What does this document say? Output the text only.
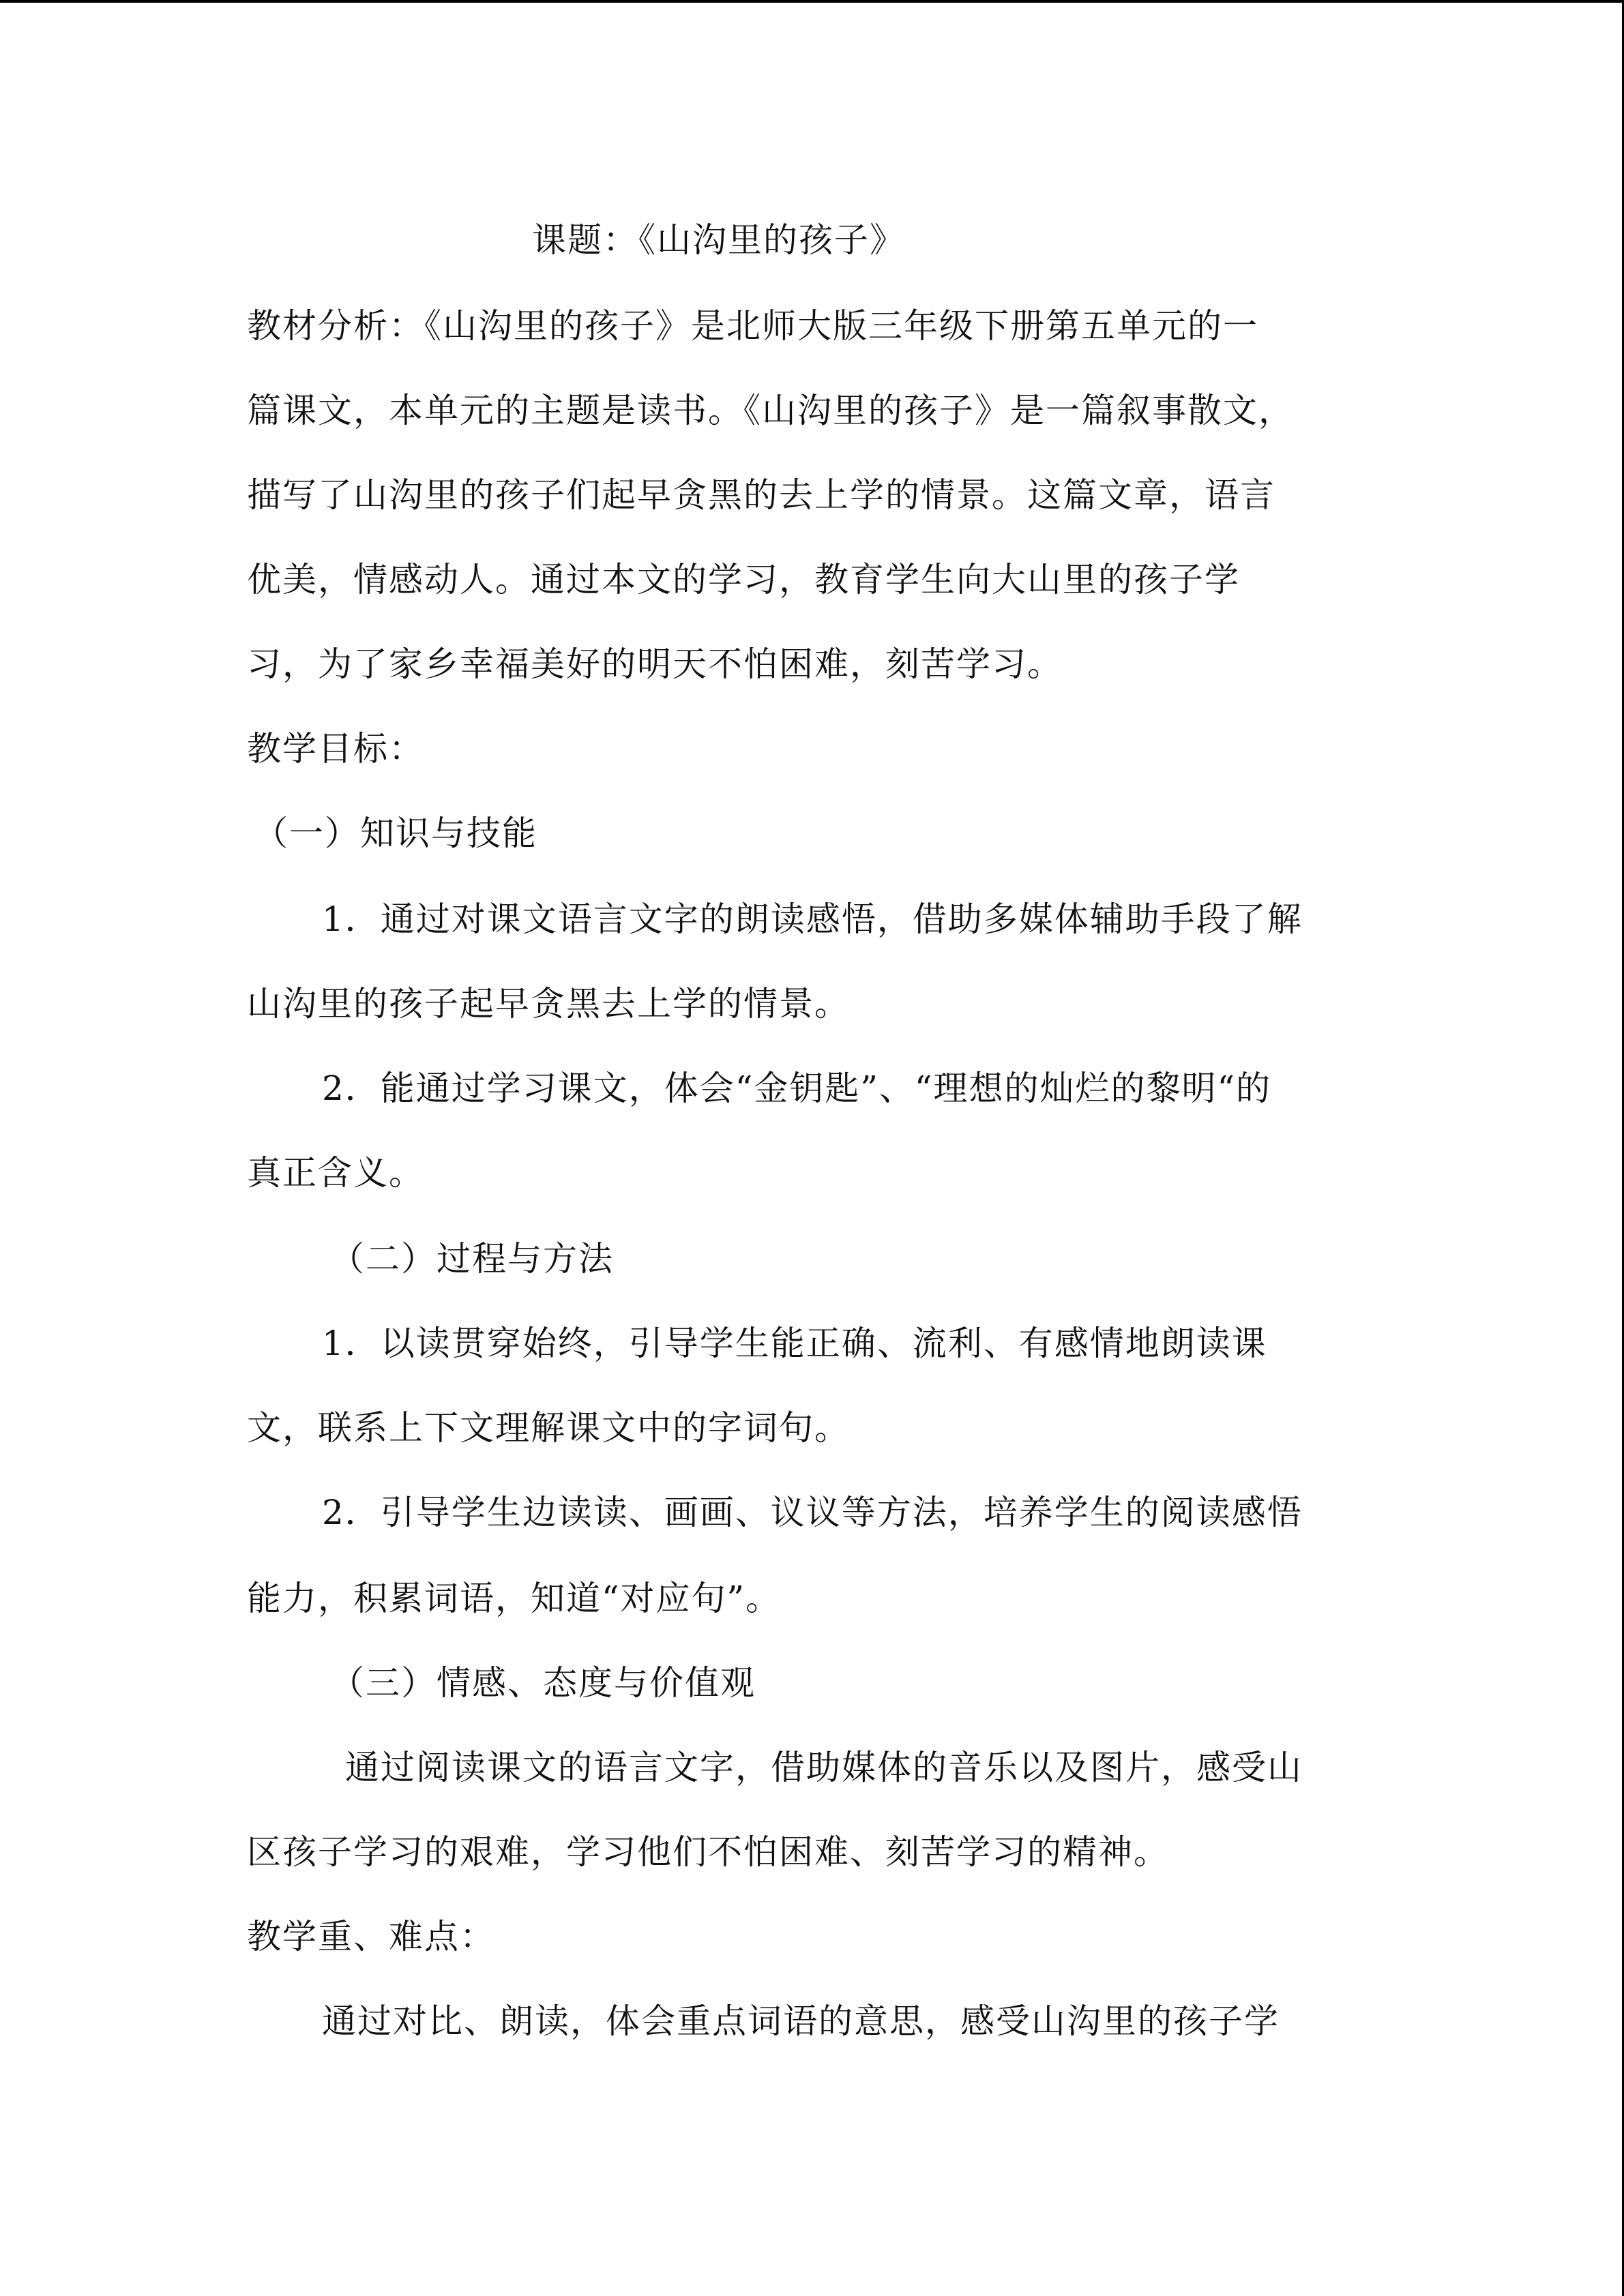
课题：《山沟里的孩子》
教材分析：《山沟里的孩子》是北师大版三年级下册第五单元的一
篇课文，本单元的主题是读书。《山沟里的孩子》是一篇叙事散文，
描写了山沟里的孩子们起早贪黑的去上学的情景。这篇文章，语言
优美，情感动人。通过本文的学习，教育学生向大山里的孩子学
习，为了家乡幸福美好的明天不怕困难，刻苦学习。
教学目标：
（一）知识与技能
1．通过对课文语言文字的朗读感悟，借助多媒体辅助手段了解
山沟里的孩子起早贪黑去上学的情景。
2．能通过学习课文，体会“金钥匙”、“理想的灿烂的黎明“的
真正含义。
（二）过程与方法
1．以读贯穿始终，引导学生能正确、流利、有感情地朗读课
文，联系上下文理解课文中的字词句。
2．引导学生边读读、画画、议议等方法，培养学生的阅读感悟
能力，积累词语，知道“对应句”。
（三）情感、态度与价值观
通过阅读课文的语言文字，借助媒体的音乐以及图片，感受山
区孩子学习的艰难，学习他们不怕困难、刻苦学习的精神。
教学重、难点：
通过对比、朗读，体会重点词语的意思，感受山沟里的孩子学
